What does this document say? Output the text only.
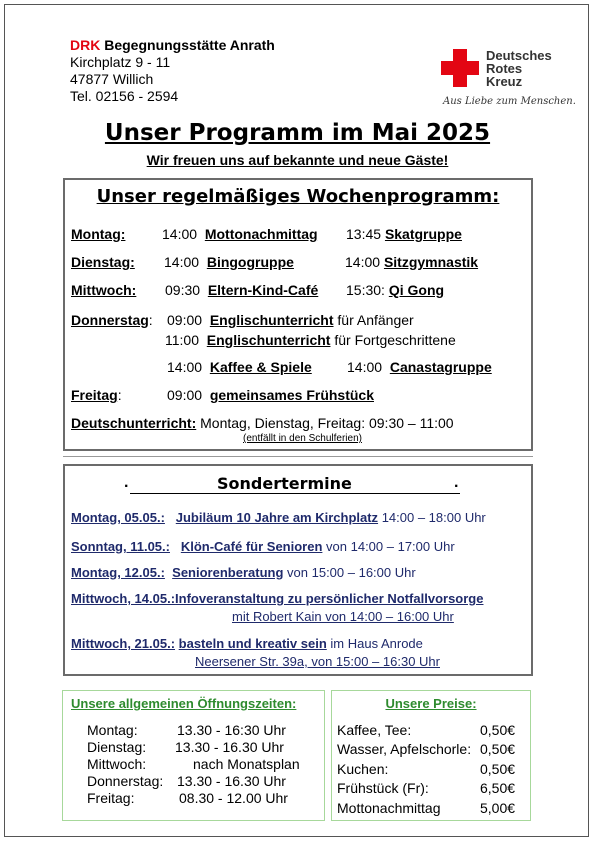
DRK Begegnungsstätte Anrath
Kirchplatz 9 - 11
47877 Willich
Tel. 02156 - 2594
Deutsches
Rotes
Kreuz
Aus Liebe zum Menschen.
Unser Programm im Mai 2025
Wir freuen uns auf bekannte und neue Gäste!
Unser regelmäßiges Wochenprogramm:
Montag:	14:00 Mottonachmittag 13:45 Skatgruppe
Dienstag: 14:00 Bingogruppe	14:00 Sitzgymnastik
Mittwoch: 09:30 Eltern-Kind-Café 15:30: Qi Gong
Donnerstag: 09:00 Englischunterricht für Anfänger
11:00 Englischunterricht für Fortgeschrittene
14:00 Kaffee & Spiele	14:00 Canastagruppe
Freitag:	09:00 gemeinsames Frühstück
Deutschunterricht: Montag, Dienstag, Freitag: 09:30 – 11:00
(entfällt in den Schulferien)
.	Sondertermine	.
Montag, 05.05.: Jubiläum 10 Jahre am Kirchplatz 14:00 – 18:00 Uhr
Sonntag, 11.05.: Klön-Café für Senioren von 14:00 – 17:00 Uhr
Montag, 12.05.: Seniorenberatung von 15:00 – 16:00 Uhr
Mittwoch, 14.05.:Infoveranstaltung zu persönlicher Notfallvorsorge
mit Robert Kain von 14:00 – 16:00 Uhr
Mittwoch, 21.05.: basteln und kreativ sein im Haus Anrode
Neersener Str. 39a, von 15:00 – 16:30 Uhr
Unsere allgemeinen Öffnungszeiten:
Montag:	13.30 - 16:30 Uhr
Dienstag: 13.30 - 16.30 Uhr
Mittwoch:	nach Monatsplan
Donnerstag: 13.30 - 16.30 Uhr
Freitag:	08.30 - 12.00 Uhr
Unsere Preise:
Kaffee, Tee:	0,50€
Wasser, Apfelschorle: 0,50€
Kuchen:	0,50€
Frühstück (Fr):	6,50€
Mottonachmittag	5,00€
